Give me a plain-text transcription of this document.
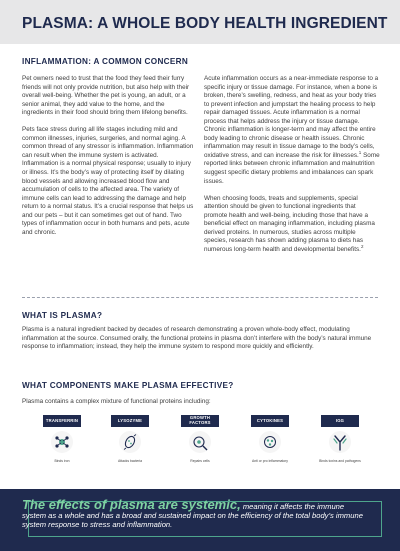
PLASMA: A WHOLE BODY HEALTH INGREDIENT
INFLAMMATION: A COMMON CONCERN

Pet owners need to trust that the food they feed their furry friends will not only provide nutrition, but also help with their overall well-being. Whether the pet is young, an adult, or a senior animal, they add value to the home, and the ingredients in their food should bring them lifelong benefits.

Pets face stress during all life stages including mild and common illnesses, injuries, surgeries, and normal aging. A common thread of any stressor is inflammation. Inflammation can result when the immune system is activated. Inflammation is a normal physical response; usually to injury or illness. It’s the body’s way of protecting itself by dilating blood vessels and allowing increased blood flow and accumulation of cells to the affected area. The variety of immune cells can lead to addressing the damage and help return to a normal status. It’s a crucial response that helps us and our pets – but it can sometimes get out of hand. Two types of inflammation occur in both humans and pets, acute and chronic.

Acute inflammation occurs as a near-immediate response to a specific injury or tissue damage. For instance, when a bone is broken, there’s swelling, redness, and heat as your body tries to prevent infection and jumpstart the healing process to help repair damaged tissues. Acute inflammation is a normal process that helps address the injury or tissue damage. Chronic inflammation is longer-term and may affect the entire body leading to chronic disease or health issues. Chronic inflammation may result in tissue damage to the body’s cells, oxidative stress, and can increase the risk for illnesses.$^1$ Some reported links between chronic inflammation and malnutrition suggest specific dietary problems and imbalances can spark issues.

When choosing foods, treats and supplements, special attention should be given to functional ingredients that promote health and well-being, including those that have a beneficial effect on managing inflammation, including plasma derived proteins. In numerous, studies across multiple species, research has shown adding plasma to diets has numerous long-term health and developmental benefits.$^2$

WHAT IS PLASMA?

Plasma is a natural ingredient backed by decades of research demonstrating a proven whole-body effect, modulating inflammation at the source. Consumed orally, the functional proteins in plasma don’t interfere with the body’s natural immune response to inflammation; instead, they help the immune system to respond more quickly and efficiently.

WHAT COMPONENTS MAKE PLASMA EFFECTIVE?

Plasma contains a complex mixture of functional proteins including:

TRANSFERRIN
Binds iron
LYSOZYME
Attacks bacteria
GROWTH FACTORS
Repairs cells
CYTOKINES
Anti or pro inflammatory
IGG
Binds toxins and pathogens

The effects of plasma are systemic, meaning it affects the immune system as a whole and has a broad and sustained impact on the efficiency of the total body’s immune system response to stress and inflammation.
